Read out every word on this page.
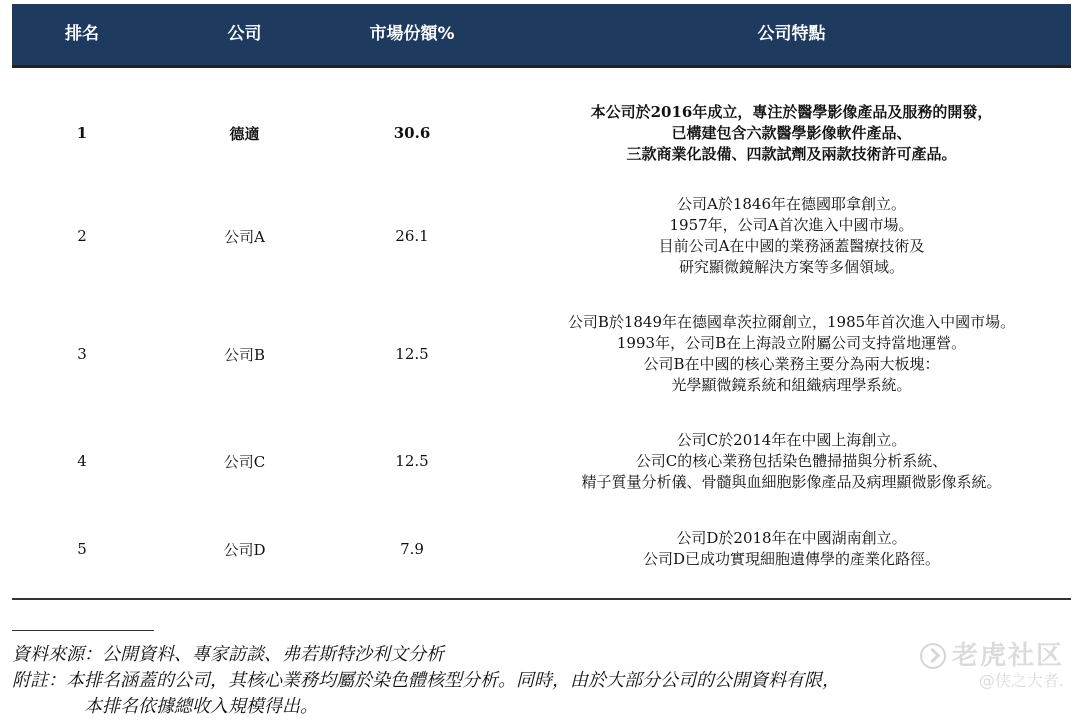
排名	公司	市場份額%	公司特點
1	德適	30.6
本公司於2016年成立，專注於醫學影像產品及服務的開發，
已構建包含六款醫學影像軟件產品、
三款商業化設備、四款試劑及兩款技術許可產品。
2	公司A	26.1
公司A於1846年在德國耶拿創立。
1957年，公司A首次進入中國市場。
目前公司A在中國的業務涵蓋醫療技術及
研究顯微鏡解決方案等多個領域。
3	公司B	12.5
公司B於1849年在德國韋茨拉爾創立，1985年首次進入中國市場。
1993年，公司B在上海設立附屬公司支持當地運營。
公司B在中國的核心業務主要分為兩大板塊：
光學顯微鏡系統和組織病理學系統。
4	公司C	12.5
公司C於2014年在中國上海創立。
公司C的核心業務包括染色體掃描與分析系統、
精子質量分析儀、骨髓與血細胞影像產品及病理顯微影像系統。
5	公司D	7.9
公司D於2018年在中國湖南創立。
公司D已成功實現細胞遺傳學的產業化路徑。
資料來源：公開資料、專家訪談、弗若斯特沙利文分析
附註：本排名涵蓋的公司，其核心業務均屬於染色體核型分析。同時，由於大部分公司的公開資料有限，
本排名依據總收入規模得出。
老虎社区
@侠之大者.
